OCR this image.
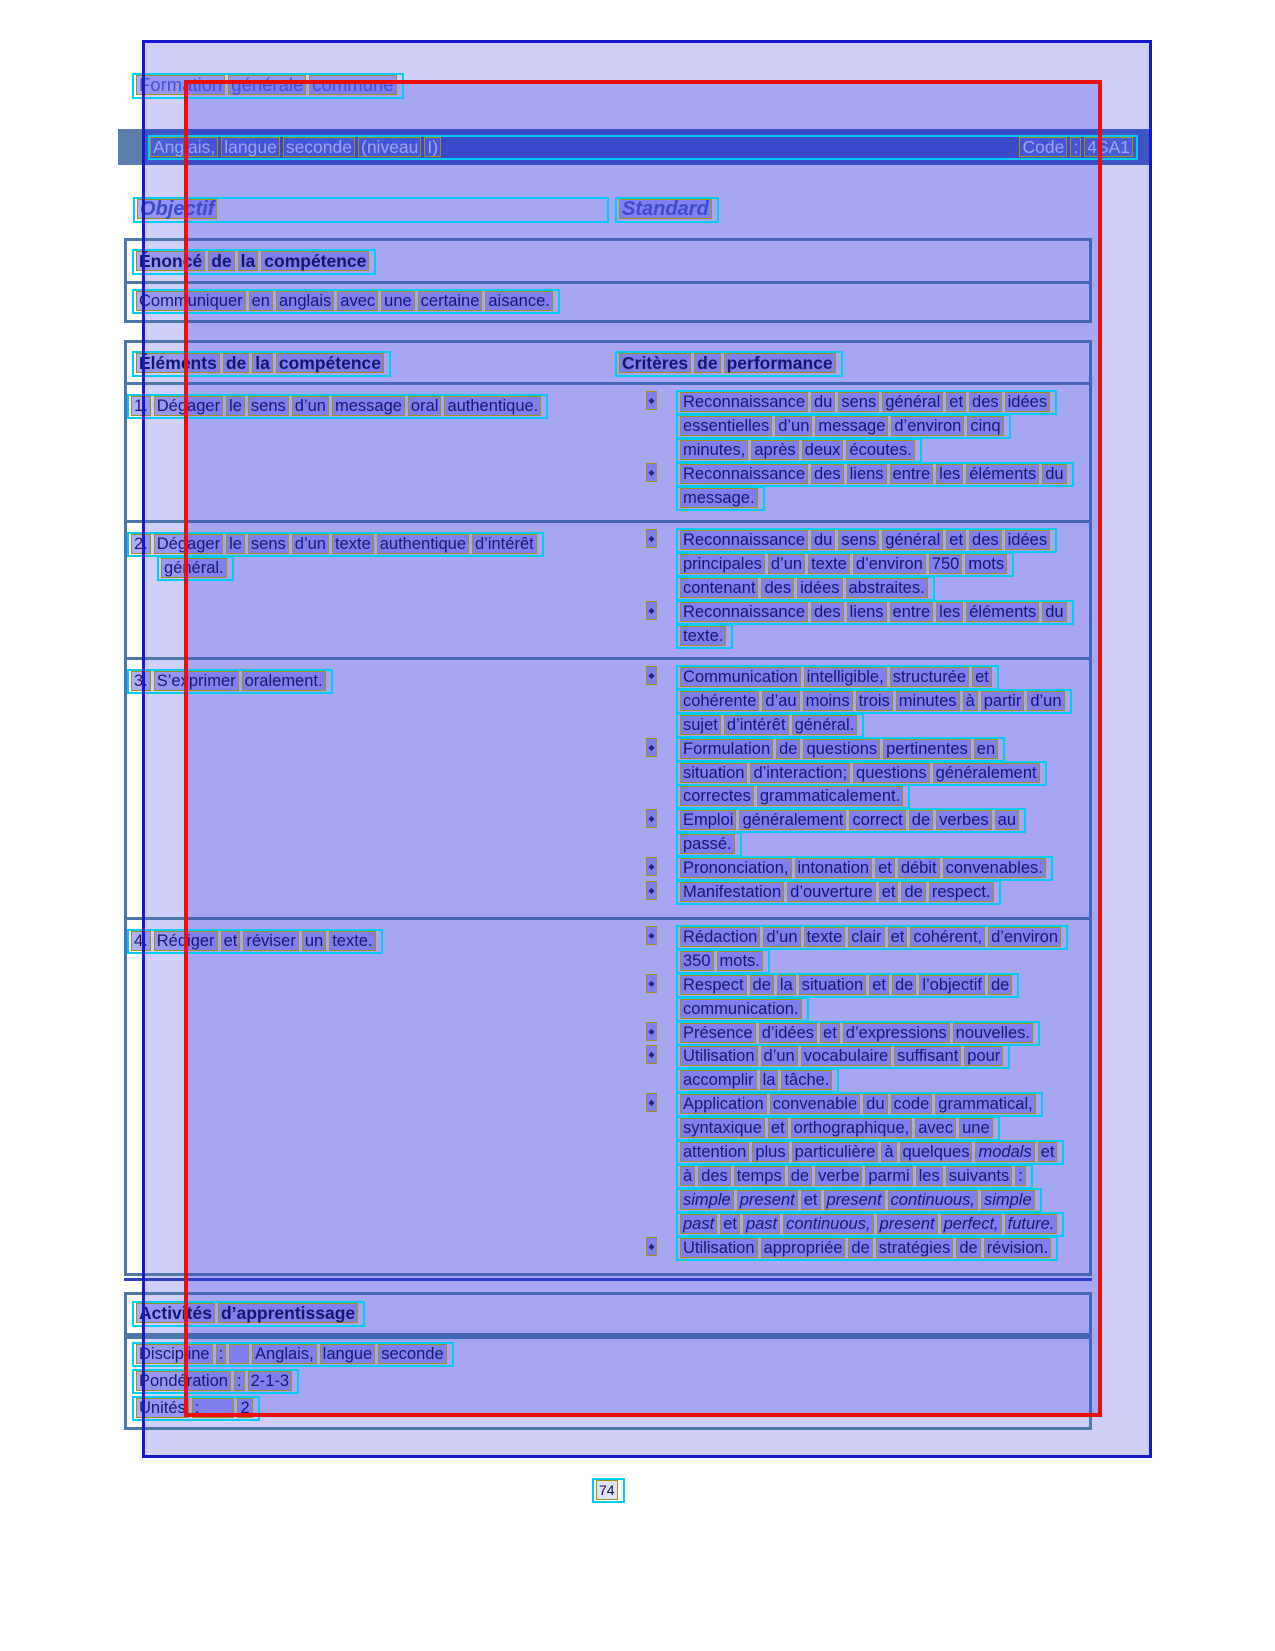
Formation générale commune
Anglais, langue seconde (niveau I)	Code : 4SA1
Objectif	Standard
Énoncé de la compétence
Communiquer en anglais avec une certaine aisance.
Éléments de la compétence	Critères de performance
1. Dégager le sens d’un message oral authentique.	◆ Reconnaissance du sens général et des idées
essentielles d’un message d’environ cinq
minutes, après deux écoutes.
◆ Reconnaissance des liens entre les éléments du
message.
2. Dégager le sens d’un texte authentique d’intérêt
général.
◆ Reconnaissance du sens général et des idées
principales d’un texte d’environ 750 mots
contenant des idées abstraites.
◆ Reconnaissance des liens entre les éléments du
texte.
3. S’exprimer oralement.	◆ Communication intelligible, structurée et
cohérente d’au moins trois minutes à partir d’un
sujet d’intérêt général.
◆ Formulation de questions pertinentes en
situation d’interaction; questions généralement
correctes grammaticalement.
◆ Emploi généralement correct de verbes au
passé.
◆ Prononciation, intonation et débit convenables.
◆ Manifestation d’ouverture et de respect.
4. Rédiger et réviser un texte.	◆ Rédaction d’un texte clair et cohérent, d’environ
350 mots.
◆ Respect de la situation et de l’objectif de
communication.
◆ Présence d’idées et d’expressions nouvelles.
◆ Utilisation d’un vocabulaire suffisant pour
accomplir la tâche.
◆ Application convenable du code grammatical,
syntaxique et orthographique, avec une
attention plus particulière à quelques modals et
à des temps de verbe parmi les suivants :
simple present et present continuous, simple
past et past continuous, present perfect, future.
◆ Utilisation appropriée de stratégies de révision.
Activités d’apprentissage
Discipline : Anglais, langue seconde
Pondération : 2-1-3
Unités :       2
74
